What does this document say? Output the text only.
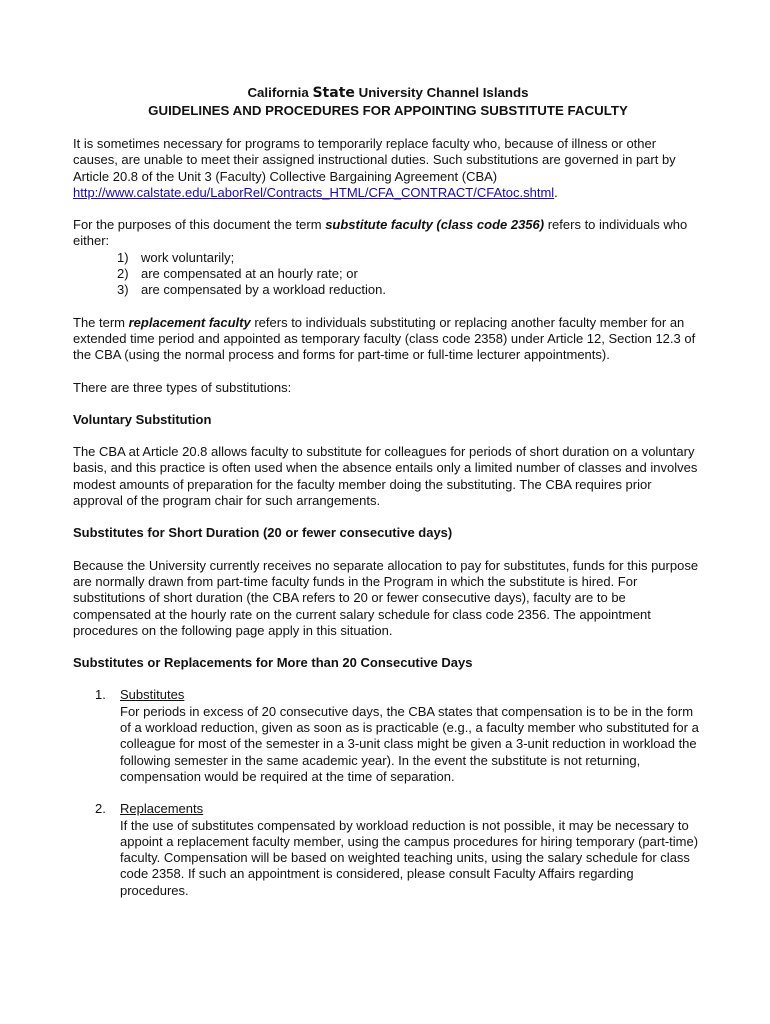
California State University Channel Islands
GUIDELINES AND PROCEDURES FOR APPOINTING SUBSTITUTE FACULTY

It is sometimes necessary for programs to temporarily replace faculty who, because of illness or other causes, are unable to meet their assigned instructional duties. Such substitutions are governed in part by Article 20.8 of the Unit 3 (Faculty) Collective Bargaining Agreement (CBA) http://www.calstate.edu/LaborRel/Contracts_HTML/CFA_CONTRACT/CFAtoc.shtml.

For the purposes of this document the term substitute faculty (class code 2356) refers to individuals who either:

1) work voluntarily;
2) are compensated at an hourly rate; or
3) are compensated by a workload reduction.

The term replacement faculty refers to individuals substituting or replacing another faculty member for an extended time period and appointed as temporary faculty (class code 2358) under Article 12, Section 12.3 of the CBA (using the normal process and forms for part-time or full-time lecturer appointments).

There are three types of substitutions:

Voluntary Substitution

The CBA at Article 20.8 allows faculty to substitute for colleagues for periods of short duration on a voluntary basis, and this practice is often used when the absence entails only a limited number of classes and involves modest amounts of preparation for the faculty member doing the substituting. The CBA requires prior approval of the program chair for such arrangements.

Substitutes for Short Duration (20 or fewer consecutive days)

Because the University currently receives no separate allocation to pay for substitutes, funds for this purpose are normally drawn from part-time faculty funds in the Program in which the substitute is hired. For substitutions of short duration (the CBA refers to 20 or fewer consecutive days), faculty are to be compensated at the hourly rate on the current salary schedule for class code 2356. The appointment procedures on the following page apply in this situation.

Substitutes or Replacements for More than 20 Consecutive Days

1.	Substitutes
For periods in excess of 20 consecutive days, the CBA states that compensation is to be in the form of a workload reduction, given as soon as is practicable (e.g., a faculty member who substituted for a colleague for most of the semester in a 3-unit class might be given a 3-unit reduction in workload the following semester in the same academic year). In the event the substitute is not returning, compensation would be required at the time of separation.
2.	Replacements
If the use of substitutes compensated by workload reduction is not possible, it may be necessary to appoint a replacement faculty member, using the campus procedures for hiring temporary (part-time) faculty. Compensation will be based on weighted teaching units, using the salary schedule for class code 2358. If such an appointment is considered, please consult Faculty Affairs regarding procedures.
